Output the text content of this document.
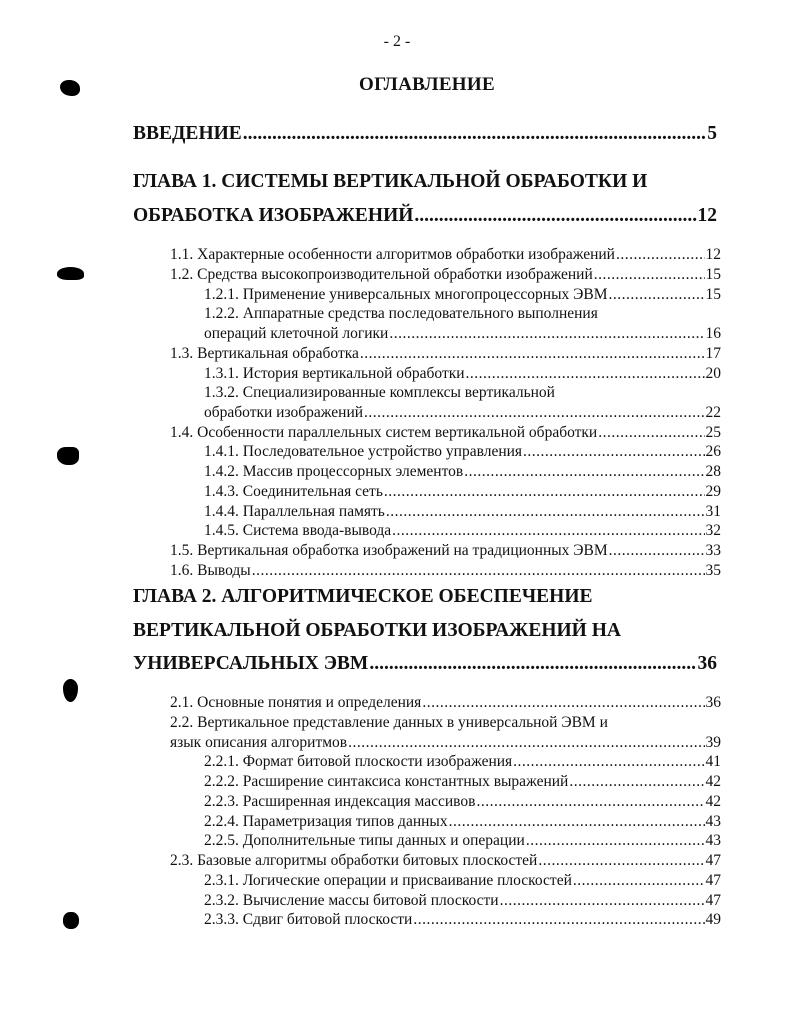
- 2 -
ОГЛАВЛЕНИЕ
ВВЕДЕНИЕ .....	5
ГЛАВА 1. СИСТЕМЫ ВЕРТИКАЛЬНОЙ ОБРАБОТКИ И
ОБРАБОТКА ИЗОБРАЖЕНИЙ .....	12
1.1. Характерные особенности алгоритмов обработки изображений .....	12
1.2. Средства высокопроизводительной обработки изображений .....	15
1.2.1. Применение универсальных многопроцессорных ЭВМ .....	15
1.2.2. Аппаратные средства последовательного выполнения
операций клеточной логики .....	16
1.3. Вертикальная обработка .....	17
1.3.1. История вертикальной обработки .....	20
1.3.2. Специализированные комплексы вертикальной
обработки изображений .....	22
1.4. Особенности параллельных систем вертикальной обработки .....	25
1.4.1. Последовательное устройство управления .....	26
1.4.2. Массив процессорных элементов .....	28
1.4.3. Соединительная сеть .....	29
1.4.4. Параллельная память .....	31
1.4.5. Система ввода-вывода .....	32
1.5. Вертикальная обработка изображений на традиционных ЭВМ .....	33
1.6. Выводы .....	35
ГЛАВА 2. АЛГОРИТМИЧЕСКОЕ ОБЕСПЕЧЕНИЕ
ВЕРТИКАЛЬНОЙ ОБРАБОТКИ ИЗОБРАЖЕНИЙ НА
УНИВЕРСАЛЬНЫХ ЭВМ .....	36
2.1. Основные понятия и определения .....	36
2.2. Вертикальное представление данных в универсальной ЭВМ и
язык описания алгоритмов .....	39
2.2.1. Формат битовой плоскости изображения .....	41
2.2.2. Расширение синтаксиса константных выражений .....	42
2.2.3. Расширенная индексация массивов .....	42
2.2.4. Параметризация типов данных .....	43
2.2.5. Дополнительные типы данных и операции .....	43
2.3. Базовые алгоритмы обработки битовых плоскостей .....	47
2.3.1. Логические операции и присваивание плоскостей .....	47
2.3.2. Вычисление массы битовой плоскости .....	47
2.3.3. Сдвиг битовой плоскости .....	49
